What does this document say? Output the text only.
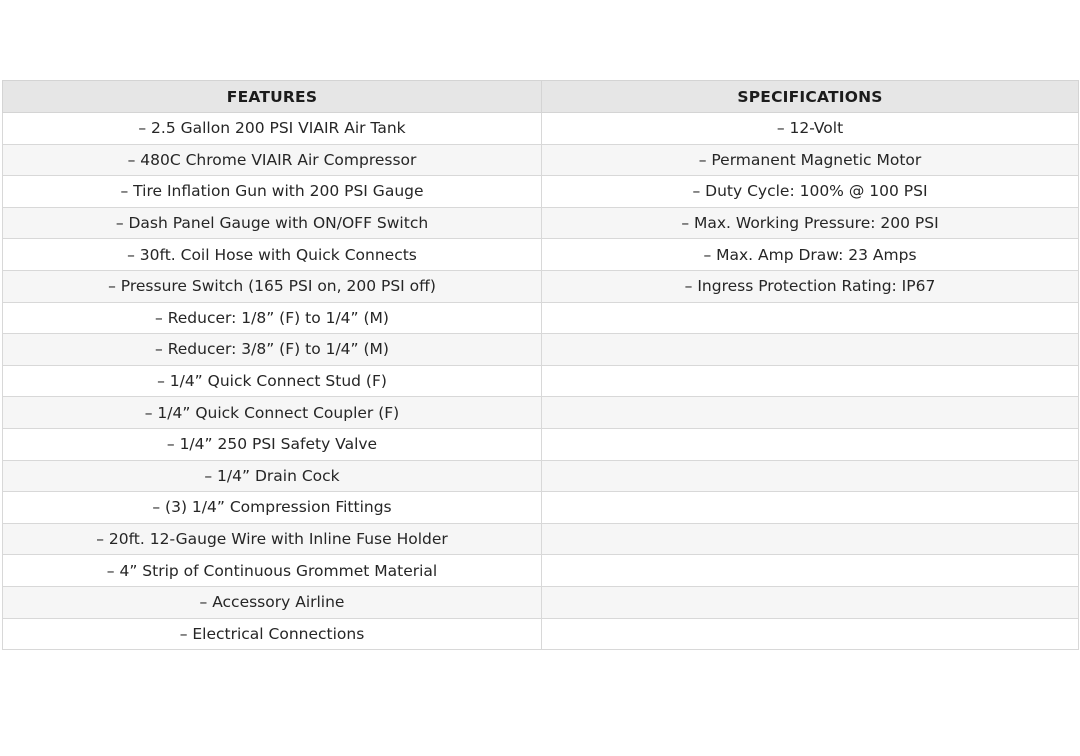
FEATURES	SPECIFICATIONS
– 2.5 Gallon 200 PSI VIAIR Air Tank	– 12-Volt
– 480C Chrome VIAIR Air Compressor	– Permanent Magnetic Motor
– Tire Inflation Gun with 200 PSI Gauge	– Duty Cycle: 100% @ 100 PSI
– Dash Panel Gauge with ON/OFF Switch	– Max. Working Pressure: 200 PSI
– 30ft. Coil Hose with Quick Connects	– Max. Amp Draw: 23 Amps
– Pressure Switch (165 PSI on, 200 PSI off)	– Ingress Protection Rating: IP67
– Reducer: 1/8” (F) to 1/4” (M)	
– Reducer: 3/8” (F) to 1/4” (M)	
– 1/4” Quick Connect Stud (F)	
– 1/4” Quick Connect Coupler (F)	
– 1/4” 250 PSI Safety Valve	
– 1/4” Drain Cock	
– (3) 1/4” Compression Fittings	
– 20ft. 12-Gauge Wire with Inline Fuse Holder	
– 4” Strip of Continuous Grommet Material	
– Accessory Airline	
– Electrical Connections	
